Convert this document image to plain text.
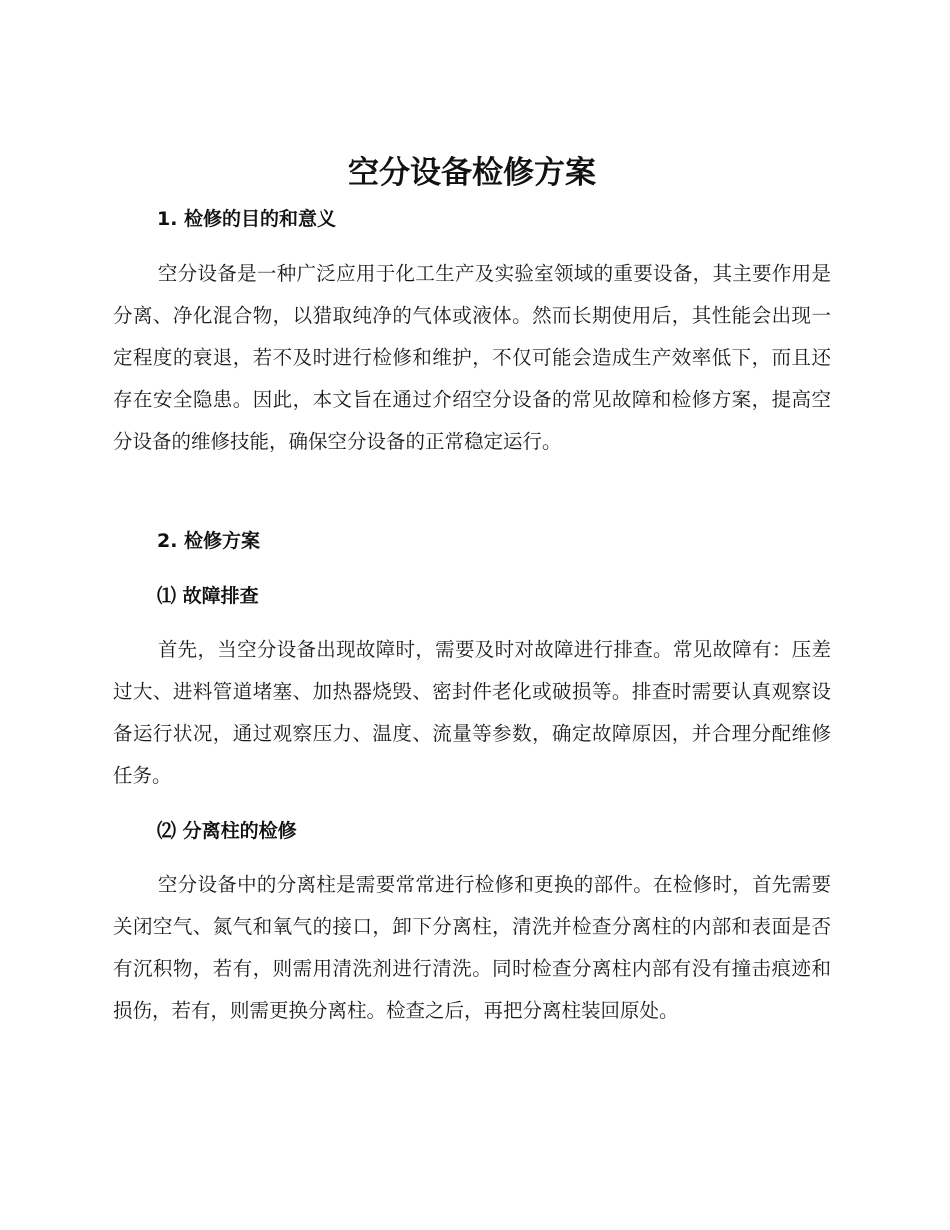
空分设备检修方案
1. 检修的目的和意义

空分设备是一种广泛应用于化工生产及实验室领域的重要设备，其主要作用是分离、净化混合物，以猎取纯净的气体或液体。然而长期使用后，其性能会出现一定程度的衰退，若不及时进行检修和维护，不仅可能会造成生产效率低下，而且还存在安全隐患。因此，本文旨在通过介绍空分设备的常见故障和检修方案，提高空分设备的维修技能，确保空分设备的正常稳定运行。

2. 检修方案
⑴ 故障排查

首先，当空分设备出现故障时，需要及时对故障进行排查。常见故障有：压差过大、进料管道堵塞、加热器烧毁、密封件老化或破损等。排查时需要认真观察设备运行状况，通过观察压力、温度、流量等参数，确定故障原因，并合理分配维修任务。

⑵ 分离柱的检修

空分设备中的分离柱是需要常常进行检修和更换的部件。在检修时，首先需要关闭空气、氮气和氧气的接口，卸下分离柱，清洗并检查分离柱的内部和表面是否有沉积物，若有，则需用清洗剂进行清洗。同时检查分离柱内部有没有撞击痕迹和损伤，若有，则需更换分离柱。检查之后，再把分离柱装回原处。
